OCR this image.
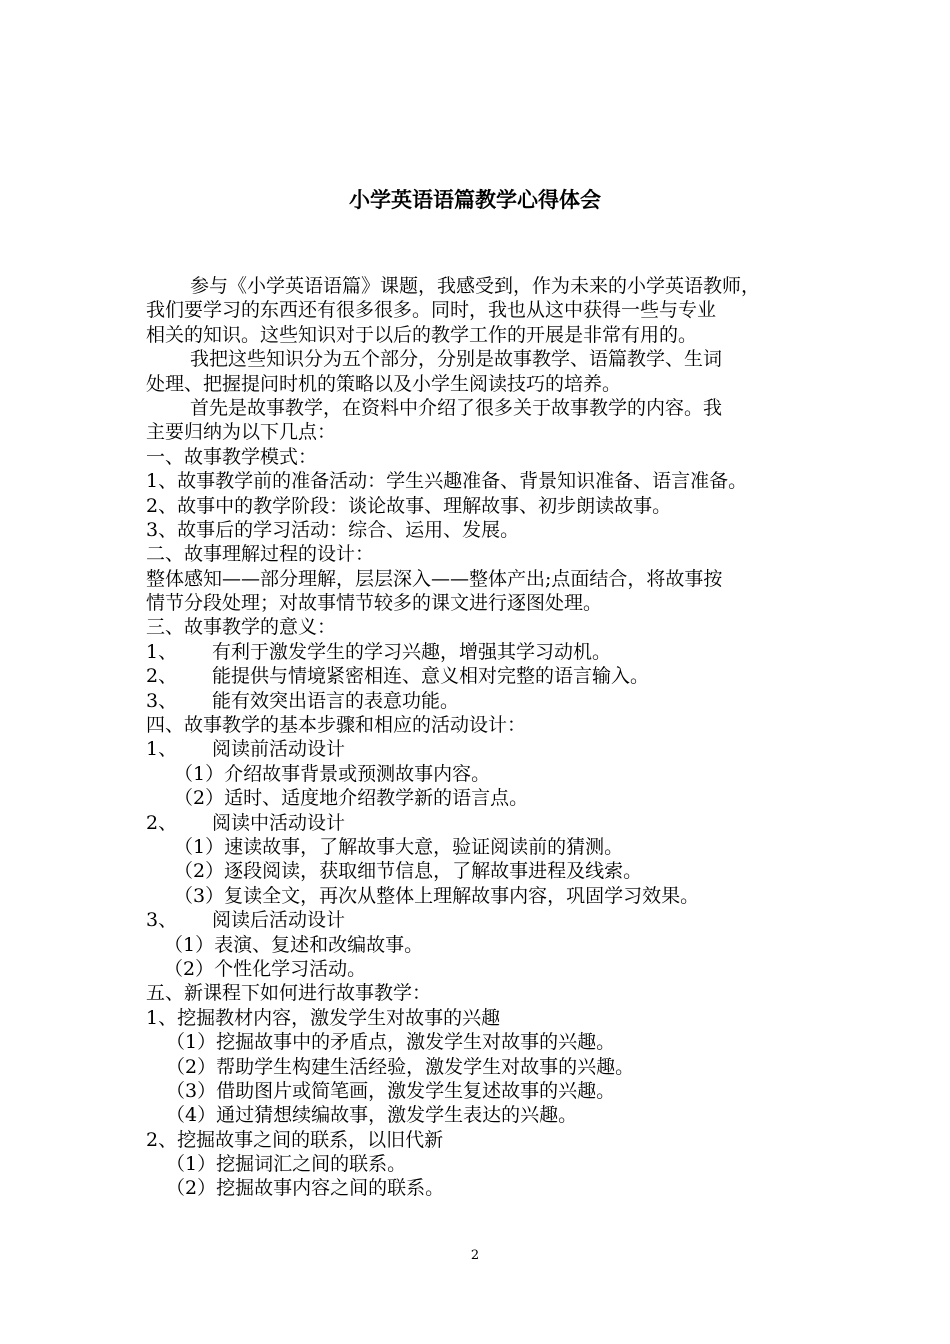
小学英语语篇教学心得体会
参与《小学英语语篇》课题，我感受到，作为未来的小学英语教师，
我们要学习的东西还有很多很多。同时，我也从这中获得一些与专业
相关的知识。这些知识对于以后的教学工作的开展是非常有用的。
我把这些知识分为五个部分，分别是故事教学、语篇教学、生词
处理、把握提问时机的策略以及小学生阅读技巧的培养。
首先是故事教学，在资料中介绍了很多关于故事教学的内容。我
主要归纳为以下几点：
一、故事教学模式：
1、故事教学前的准备活动：学生兴趣准备、背景知识准备、语言准备。
2、故事中的教学阶段：谈论故事、理解故事、初步朗读故事。
3、故事后的学习活动：综合、运用、发展。
二、故事理解过程的设计：
整体感知——部分理解，层层深入——整体产出;点面结合，将故事按
情节分段处理；对故事情节较多的课文进行逐图处理。
三、故事教学的意义：
1、 有利于激发学生的学习兴趣，增强其学习动机。
2、 能提供与情境紧密相连、意义相对完整的语言输入。
3、 能有效突出语言的表意功能。
四、故事教学的基本步骤和相应的活动设计：
1、 阅读前活动设计
（1）介绍故事背景或预测故事内容。
（2）适时、适度地介绍教学新的语言点。
2、 阅读中活动设计
（1）速读故事，了解故事大意，验证阅读前的猜测。
（2）逐段阅读，获取细节信息，了解故事进程及线索。
（3）复读全文，再次从整体上理解故事内容，巩固学习效果。
3、 阅读后活动设计
（1）表演、复述和改编故事。
（2）个性化学习活动。
五、新课程下如何进行故事教学：
1、挖掘教材内容，激发学生对故事的兴趣
（1）挖掘故事中的矛盾点，激发学生对故事的兴趣。
（2）帮助学生构建生活经验，激发学生对故事的兴趣。
（3）借助图片或简笔画，激发学生复述故事的兴趣。
（4）通过猜想续编故事，激发学生表达的兴趣。
2、挖掘故事之间的联系，以旧代新
（1）挖掘词汇之间的联系。
（2）挖掘故事内容之间的联系。
2
